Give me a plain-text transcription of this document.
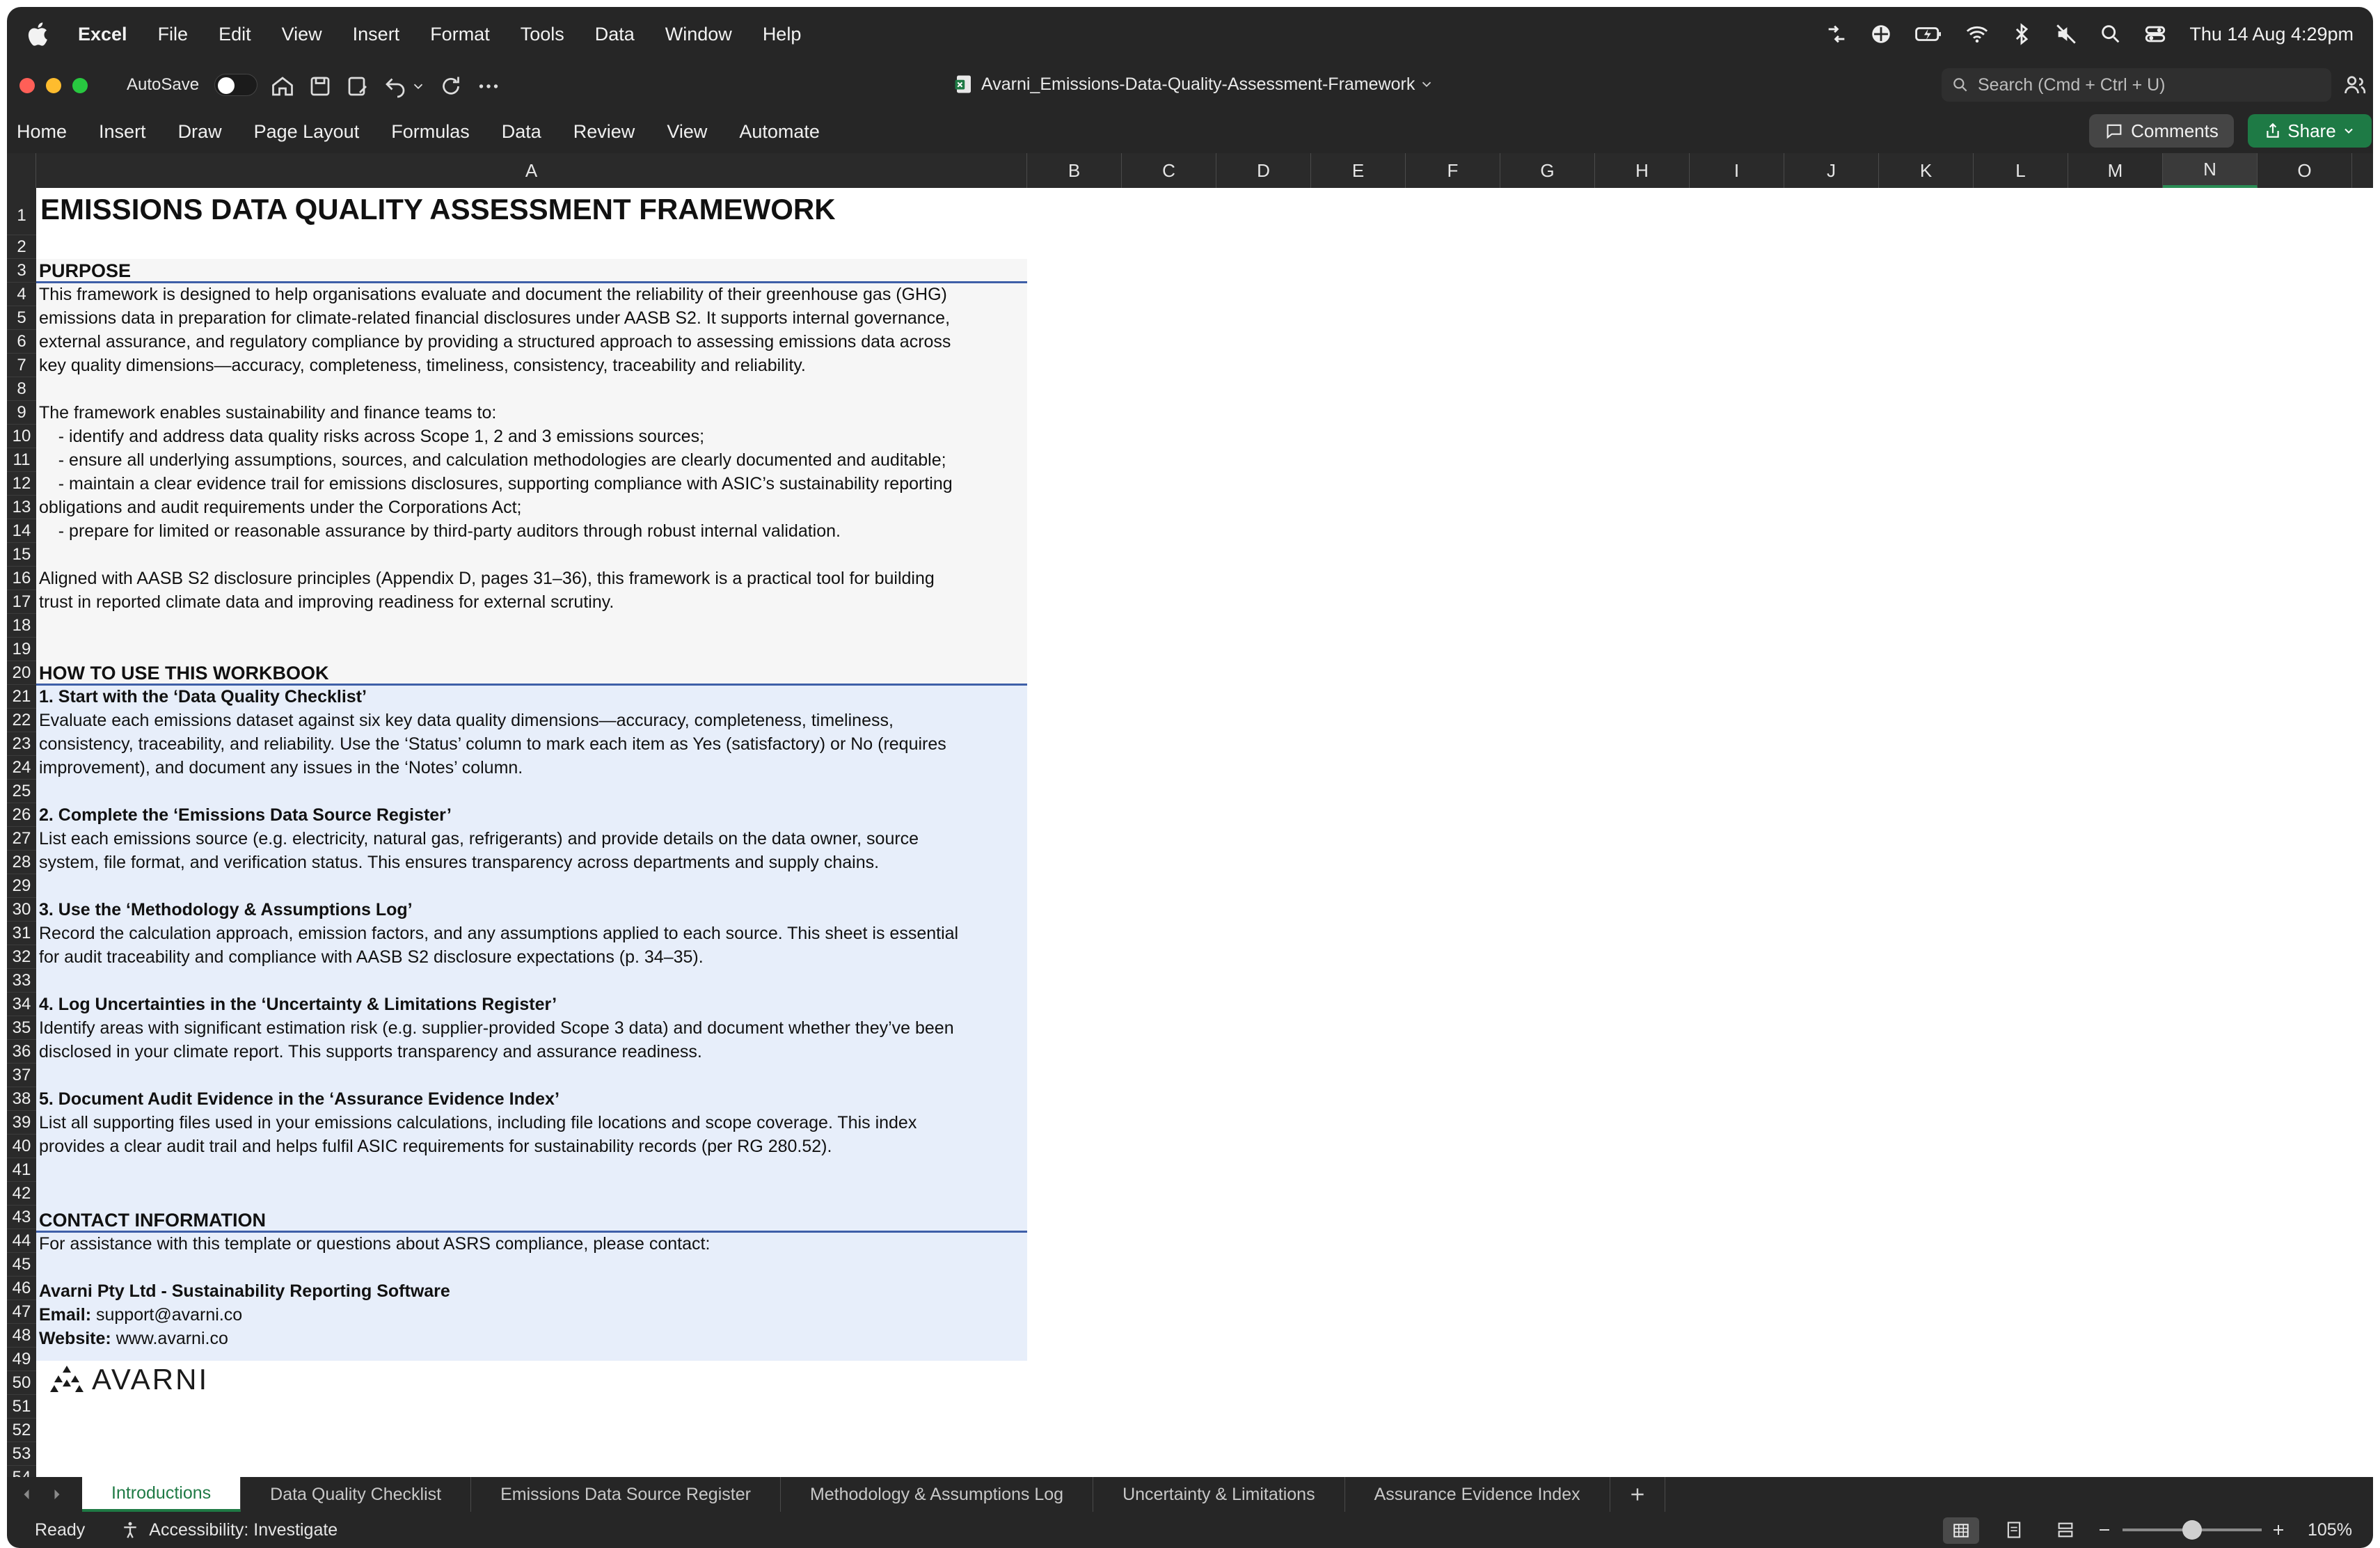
Excel File Edit View Insert Format Tools Data Window Help	Thu 14 Aug 4:29pm
AutoSave	Avarni_Emissions-Data-Quality-Assessment-Framework
Search (Cmd + Ctrl + U)
Home	Insert	Draw	Page Layout	Formulas	Data	Review	View	Automate	Comments	Share
A	B	C	D	E	F	G	H	I	J	K	L	M	N	O
1
2
3
4
5
6
7
8
9
10
11
12
13
14
15
16
17
18
19
20
21
22
23
24
25
26
27
28
29
30
31
32
33
34
35
36
37
38
39
40
41
42
43
44
45
46
47
48
49
50
51
52
53
EMISSIONS DATA QUALITY ASSESSMENT FRAMEWORK
PURPOSE
This framework is designed to help organisations evaluate and document the reliability of their greenhouse gas (GHG)
emissions data in preparation for climate-related financial disclosures under AASB S2. It supports internal governance,
external assurance, and regulatory compliance by providing a structured approach to assessing emissions data across
key quality dimensions—accuracy, completeness, timeliness, consistency, traceability and reliability.
The framework enables sustainability and finance teams to:
- identify and address data quality risks across Scope 1, 2 and 3 emissions sources;
- ensure all underlying assumptions, sources, and calculation methodologies are clearly documented and auditable;
- maintain a clear evidence trail for emissions disclosures, supporting compliance with ASIC’s sustainability reporting
obligations and audit requirements under the Corporations Act;
- prepare for limited or reasonable assurance by third-party auditors through robust internal validation.
Aligned with AASB S2 disclosure principles (Appendix D, pages 31–36), this framework is a practical tool for building
trust in reported climate data and improving readiness for external scrutiny.
HOW TO USE THIS WORKBOOK
1. Start with the ‘Data Quality Checklist’
Evaluate each emissions dataset against six key data quality dimensions—accuracy, completeness, timeliness,
consistency, traceability, and reliability. Use the ‘Status’ column to mark each item as Yes (satisfactory) or No (requires
improvement), and document any issues in the ‘Notes’ column.
2. Complete the ‘Emissions Data Source Register’
List each emissions source (e.g. electricity, natural gas, refrigerants) and provide details on the data owner, source
system, file format, and verification status. This ensures transparency across departments and supply chains.
3. Use the ‘Methodology & Assumptions Log’
Record the calculation approach, emission factors, and any assumptions applied to each source. This sheet is essential
for audit traceability and compliance with AASB S2 disclosure expectations (p. 34–35).
4. Log Uncertainties in the ‘Uncertainty & Limitations Register’
Identify areas with significant estimation risk (e.g. supplier-provided Scope 3 data) and document whether they’ve been
disclosed in your climate report. This supports transparency and assurance readiness.
5. Document Audit Evidence in the ‘Assurance Evidence Index’
List all supporting files used in your emissions calculations, including file locations and scope coverage. This index
provides a clear audit trail and helps fulfil ASIC requirements for sustainability records (per RG 280.52).
CONTACT INFORMATION
For assistance with this template or questions about ASRS compliance, please contact:
Avarni Pty Ltd - Sustainability Reporting Software
Email: support@avarni.co
Website: www.avarni.co
AVARNI
Introductions	Data Quality Checklist	Emissions Data Source Register	Methodology & Assumptions Log	Uncertainty & Limitations	Assurance Evidence Index
Ready	Accessibility: Investigate	105%
